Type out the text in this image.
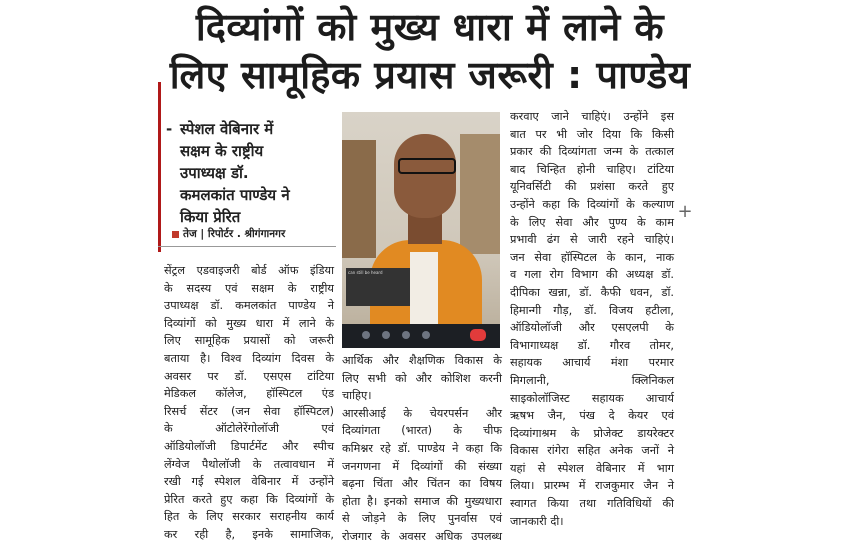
दिव्यांगों को मुख्य धारा में लाने के
लिए सामूहिक प्रयास जरूरी : पाण्डेय
- स्पेशल वेबिनार में
सक्षम के राष्ट्रीय
उपाध्यक्ष डॉ.
कमलकांत पाण्डेय ने
किया प्रेरित
तेज | रिपोर्टर . श्रीगंगानगर
सेंट्रल एडवाइजरी बोर्ड ऑफ इंडिया
के सदस्य एवं सक्षम के राष्ट्रीय
उपाध्यक्ष डॉ. कमलकांत पाण्डेय ने
दिव्यांगों को मुख्य धारा में लाने के
लिए सामूहिक प्रयासों को जरूरी
बताया है। विश्व दिव्यांग दिवस के
अवसर पर डॉ. एसएस टांटिया
मेडिकल कॉलेज, हॉस्पिटल एंड
रिसर्च सेंटर (जन सेवा हॉस्पिटल)
के ऑटोलेरेंगोलॉजी एवं
ऑडियोलॉजी डिपार्टमेंट और स्पीच
लेंग्वेज पैथोलॉजी के तत्वावधान में
रखी गई स्पेशल वेबिनार में उन्होंने
प्रेरित करते हुए कहा कि दिव्यांगों के
हित के लिए सरकार सराहनीय कार्य
कर रही है, इनके सामाजिक,
can still be heard
आर्थिक और शैक्षणिक विकास के
लिए सभी को और कोशिश करनी
चाहिए।
आरसीआई के चेयरपर्सन और
दिव्यांगता (भारत) के चीफ
कमिश्नर रहे डॉ. पाण्डेय ने कहा कि
जनगणना में दिव्यांगों की संख्या
बढ़ना चिंता और चिंतन का विषय
होता है। इनको समाज की मुख्यधारा
से जोड़ने के लिए पुनर्वास एवं
रोजगार के अवसर अधिक उपलब्ध
करवाए जाने चाहिएं। उन्होंने इस
बात पर भी जोर दिया कि किसी
प्रकार की दिव्यांगता जन्म के तत्काल
बाद चिन्हित होनी चाहिए। टांटिया
यूनिवर्सिटी की प्रशंसा करते हुए
उन्होंने कहा कि दिव्यांगों के कल्याण
के लिए सेवा और पुण्य के काम
प्रभावी ढंग से जारी रहने चाहिएं।
जन सेवा हॉस्पिटल के कान, नाक
व गला रोग विभाग की अध्यक्ष डॉ.
दीपिका खन्ना, डॉ. कैफी धवन, डॉ.
हिमान्गी गौड़, डॉ. विजय हटीला,
ऑडियोलॉजी और एसएलपी के
विभागाध्यक्ष डॉ. गौरव तोमर,
सहायक आचार्य मंशा परमार
मिगलानी, क्लिनिकल
साइकोलॉजिस्ट सहायक आचार्य
ऋषभ जैन, पंख दे केयर एवं
दिव्यांगाश्रम के प्रोजेक्ट डायरेक्टर
विकास रांगेरा सहित अनेक जनों ने
यहां से स्पेशल वेबिनार में भाग
लिया। प्रारम्भ में राजकुमार जैन ने
स्वागत किया तथा गतिविधियों की
जानकारी दी।
+
